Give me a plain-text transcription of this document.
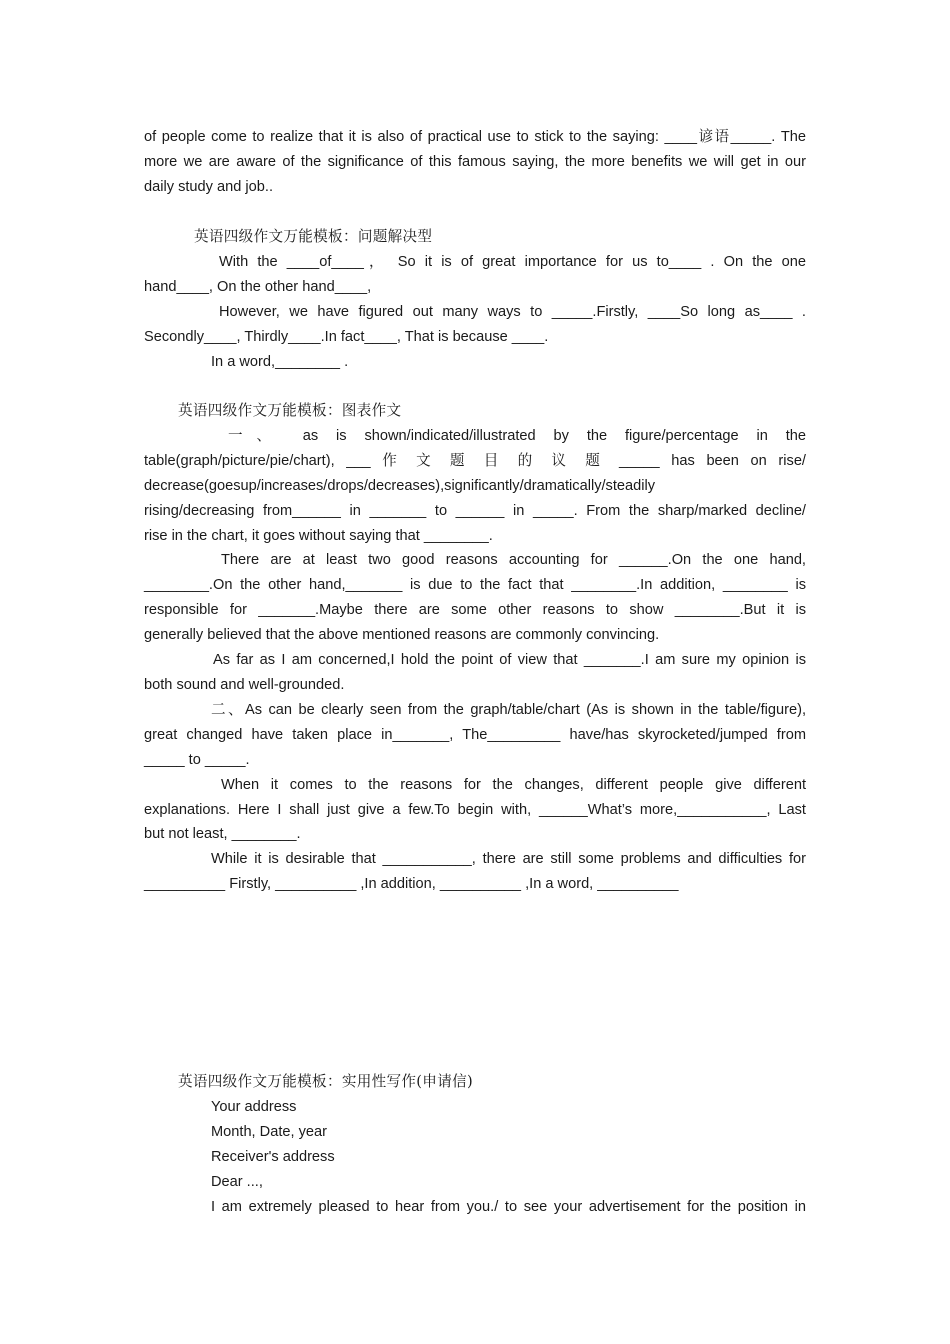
of people come to realize that it is also of practical use to stick to the saying: ____谚语_____. The

more we are aware of the significance of this famous saying, the more benefits we will get in our

daily study and job..

英语四级作文万能模板：问题解决型

With the ____of____， So it is of great importance for us to____ . On the one

hand____, On the other hand____,

However, we have figured out many ways to _____.Firstly, ____So long as____ .

Secondly____, Thirdly____.In fact____, That is because ____.

In a word,________ .

英语四级作文万能模板：图表作文

一、 as is shown/indicated/illustrated by the figure/percentage in the

table(graph/picture/pie/chart), ___ 作 文 题 目 的 议 题 _____ has been on rise/

decrease(goesup/increases/drops/decreases),significantly/dramatically/steadily

rising/decreasing from______ in _______ to ______ in _____. From the sharp/marked decline/

rise in the chart, it goes without saying that ________.

There are at least two good reasons accounting for ______.On the one hand,

________.On the other hand,_______ is due to the fact that ________.In addition, ________ is

responsible for _______.Maybe there are some other reasons to show ________.But it is

generally believed that the above mentioned reasons are commonly convincing.

As far as I am concerned,I hold the point of view that _______.I am sure my opinion is

both sound and well-grounded.

二、As can be clearly seen from the graph/table/chart (As is shown in the table/figure),

great changed have taken place in_______, The_________ have/has skyrocketed/jumped from

_____ to _____.

When it comes to the reasons for the changes, different people give different

explanations. Here I shall just give a few.To begin with, ______What’s more,___________, Last

but not least, ________.

While it is desirable that ___________, there are still some problems and difficulties for

__________ Firstly, __________ ,In addition, __________ ,In a word, __________

英语四级作文万能模板：实用性写作(申请信)

Your address

Month, Date, year

Receiver's address

Dear ...,

I am extremely pleased to hear from you./ to see your advertisement for the position in
